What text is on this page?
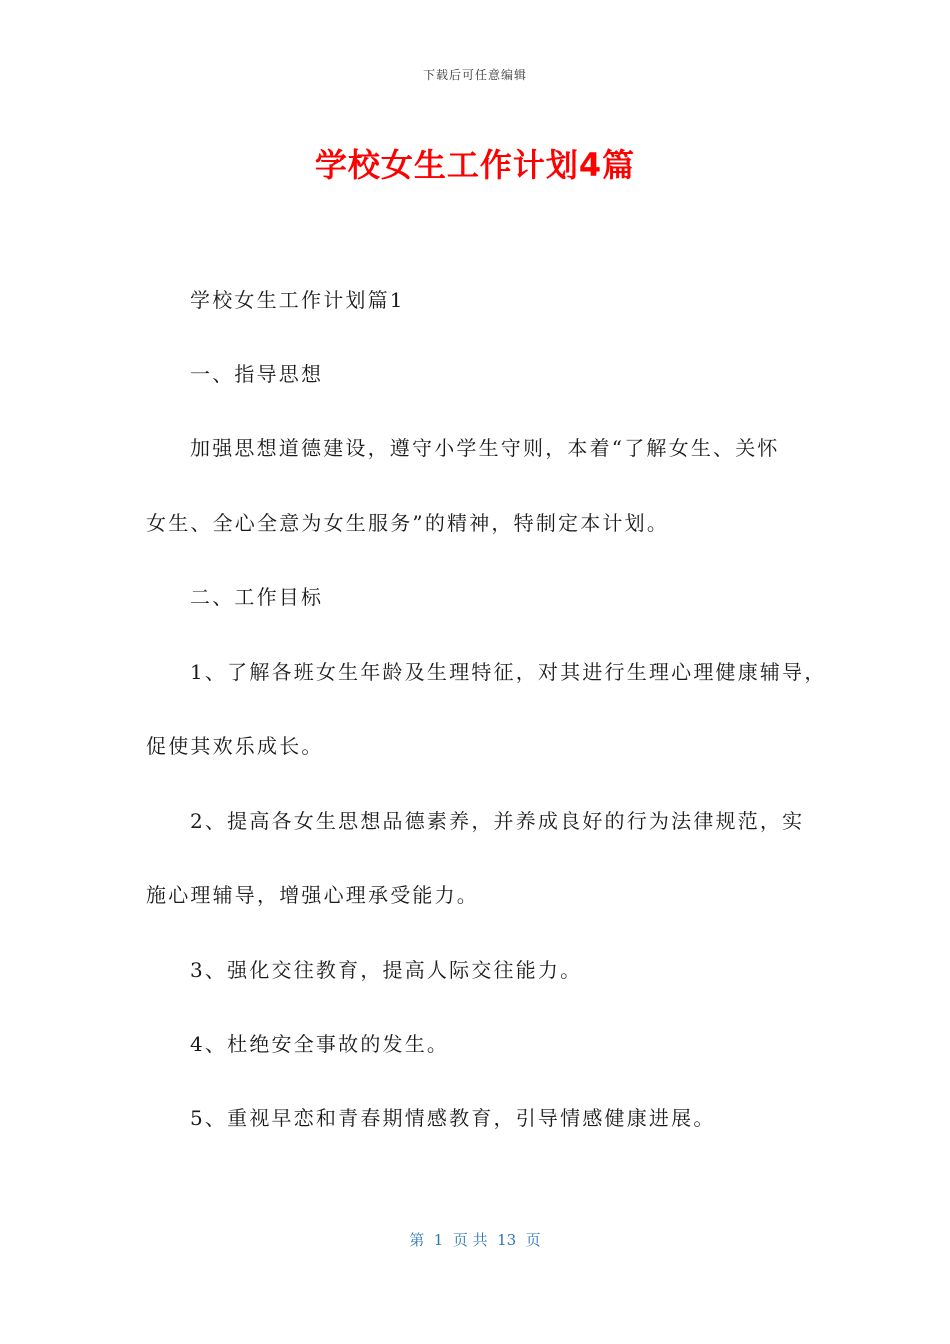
下载后可任意编辑
学校女生工作计划4篇
学校女生工作计划篇1
一、指导思想
加强思想道德建设，遵守小学生守则，本着“了解女生、关怀
女生、全心全意为女生服务”的精神，特制定本计划。
二、工作目标
1、了解各班女生年龄及生理特征，对其进行生理心理健康辅导，
促使其欢乐成长。
2、提高各女生思想品德素养，并养成良好的行为法律规范，实
施心理辅导，增强心理承受能力。
3、强化交往教育，提高人际交往能力。
4、杜绝安全事故的发生。
5、重视早恋和青春期情感教育，引导情感健康进展。
第  1  页 共  13  页
